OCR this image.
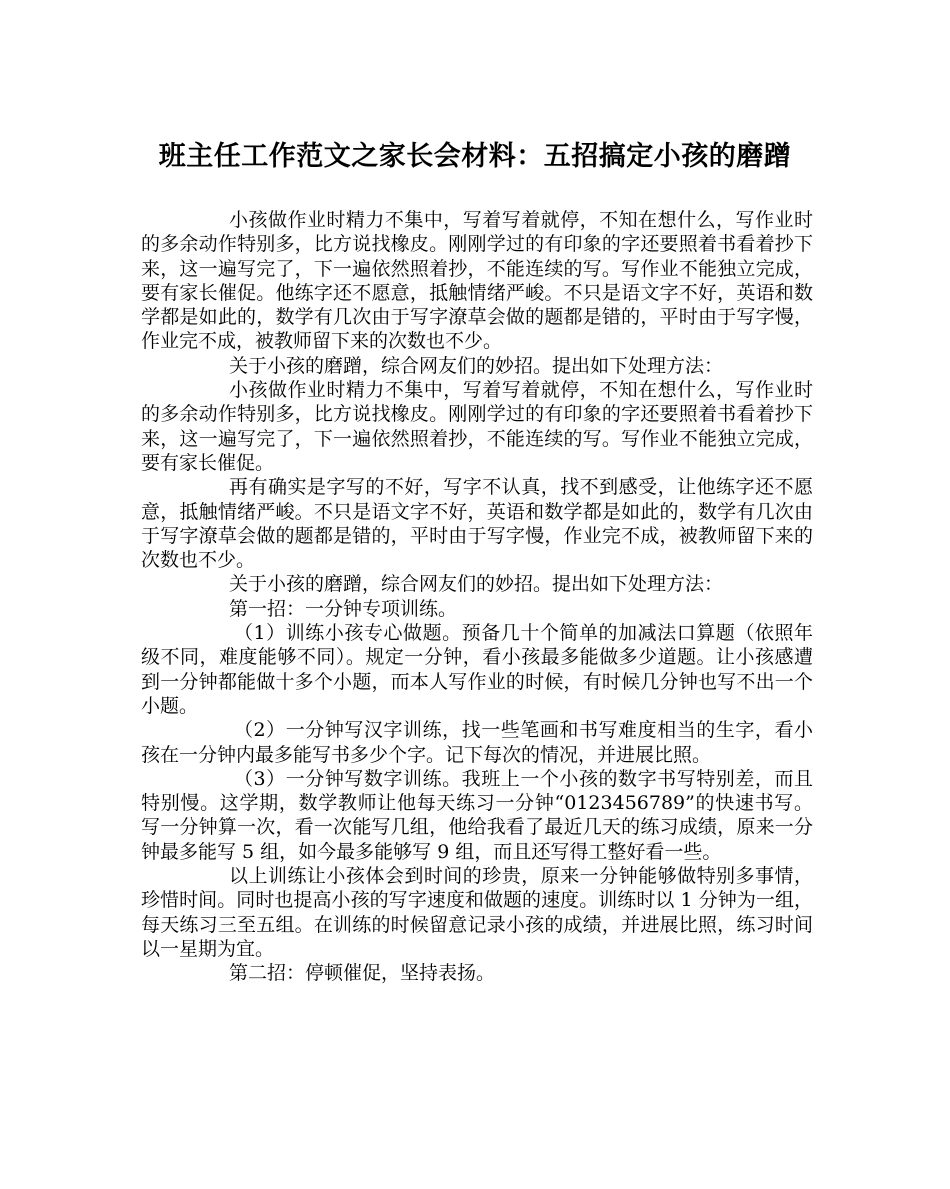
班主任工作范文之家长会材料：五招搞定小孩的磨蹭

小孩做作业时精力不集中，写着写着就停，不知在想什么，写作业时的多余动作特别多，比方说找橡皮。刚刚学过的有印象的字还要照着书看着抄下来，这一遍写完了，下一遍依然照着抄，不能连续的写。写作业不能独立完成，要有家长催促。他练字还不愿意，抵触情绪严峻。不只是语文字不好，英语和数学都是如此的，数学有几次由于写字潦草会做的题都是错的，平时由于写字慢，作业完不成，被教师留下来的次数也不少。

关于小孩的磨蹭，综合网友们的妙招。提出如下处理方法：

小孩做作业时精力不集中，写着写着就停，不知在想什么，写作业时的多余动作特别多，比方说找橡皮。刚刚学过的有印象的字还要照着书看着抄下来，这一遍写完了，下一遍依然照着抄，不能连续的写。写作业不能独立完成，要有家长催促。

再有确实是字写的不好，写字不认真，找不到感受，让他练字还不愿意，抵触情绪严峻。不只是语文字不好，英语和数学都是如此的，数学有几次由于写字潦草会做的题都是错的，平时由于写字慢，作业完不成，被教师留下来的次数也不少。

关于小孩的磨蹭，综合网友们的妙招。提出如下处理方法：

第一招：一分钟专项训练。

（1）训练小孩专心做题。预备几十个简单的加减法口算题（依照年级不同，难度能够不同）。规定一分钟，看小孩最多能做多少道题。让小孩感遭到一分钟都能做十多个小题，而本人写作业的时候，有时候几分钟也写不出一个小题。

（2）一分钟写汉字训练，找一些笔画和书写难度相当的生字，看小孩在一分钟内最多能写书多少个字。记下每次的情况，并进展比照。

（3）一分钟写数字训练。我班上一个小孩的数字书写特别差，而且特别慢。这学期，数学教师让他每天练习一分钟“0123456789”的快速书写。写一分钟算一次，看一次能写几组，他给我看了最近几天的练习成绩，原来一分钟最多能写 5 组，如今最多能够写 9 组，而且还写得工整好看一些。

以上训练让小孩体会到时间的珍贵，原来一分钟能够做特别多事情，珍惜时间。同时也提高小孩的写字速度和做题的速度。训练时以 1 分钟为一组，每天练习三至五组。在训练的时候留意记录小孩的成绩，并进展比照，练习时间以一星期为宜。

第二招：停顿催促，坚持表扬。
